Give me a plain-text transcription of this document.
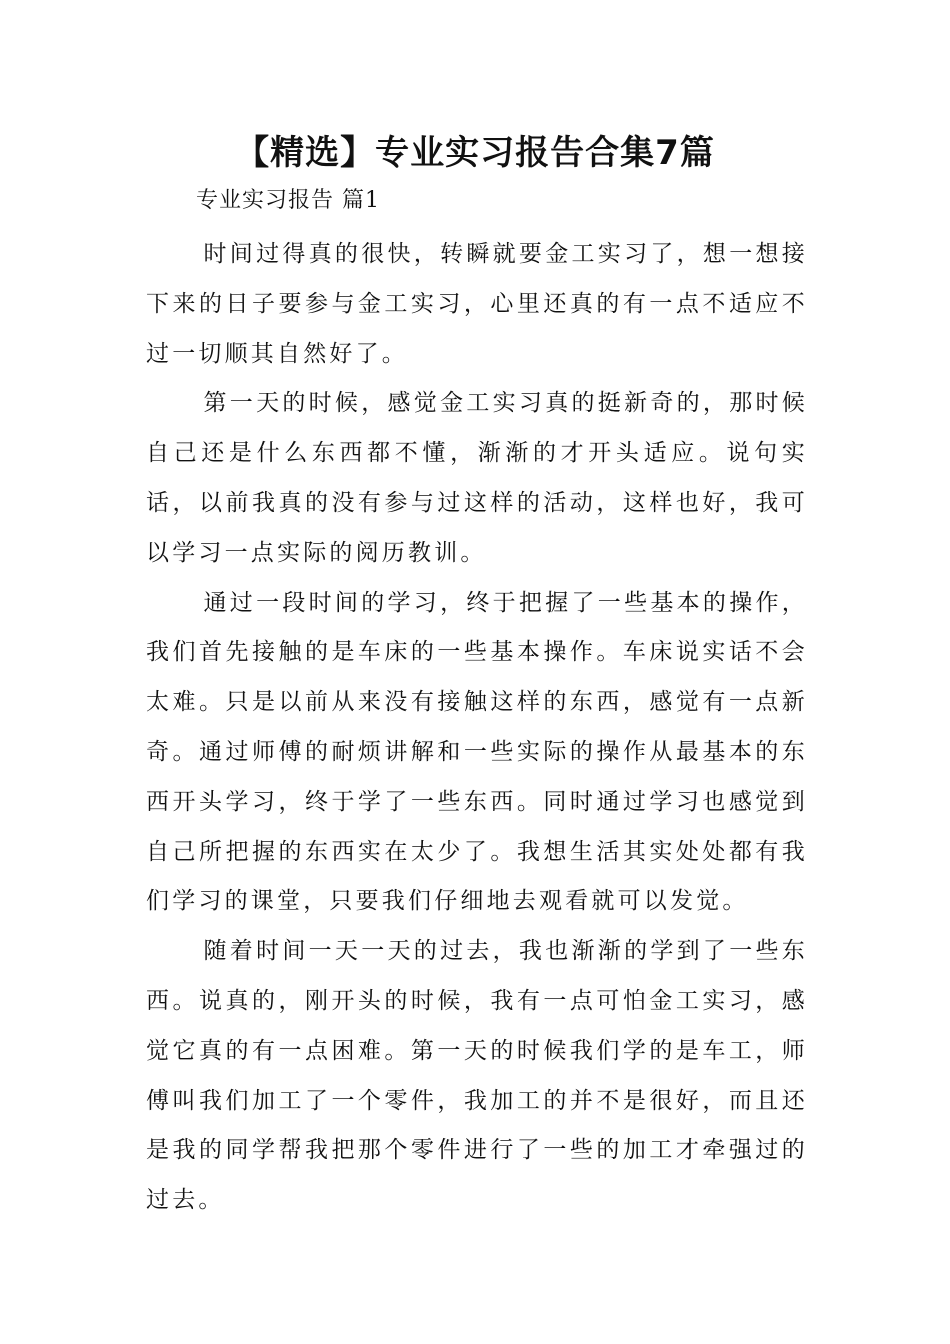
【精选】专业实习报告合集7篇
专业实习报告 篇1

时间过得真的很快，转瞬就要金工实习了，想一想接下来的日子要参与金工实习，心里还真的有一点不适应不过一切顺其自然好了。

第一天的时候，感觉金工实习真的挺新奇的，那时候自己还是什么东西都不懂，渐渐的才开头适应。说句实话，以前我真的没有参与过这样的活动，这样也好，我可以学习一点实际的阅历教训。

通过一段时间的学习，终于把握了一些基本的操作，我们首先接触的是车床的一些基本操作。车床说实话不会太难。只是以前从来没有接触这样的东西，感觉有一点新奇。通过师傅的耐烦讲解和一些实际的操作从最基本的东西开头学习，终于学了一些东西。同时通过学习也感觉到自己所把握的东西实在太少了。我想生活其实处处都有我们学习的课堂，只要我们仔细地去观看就可以发觉。

随着时间一天一天的过去，我也渐渐的学到了一些东西。说真的，刚开头的时候，我有一点可怕金工实习，感觉它真的有一点困难。第一天的时候我们学的是车工，师傅叫我们加工了一个零件，我加工的并不是很好，而且还是我的同学帮我把那个零件进行了一些的加工才牵强过的过去。
